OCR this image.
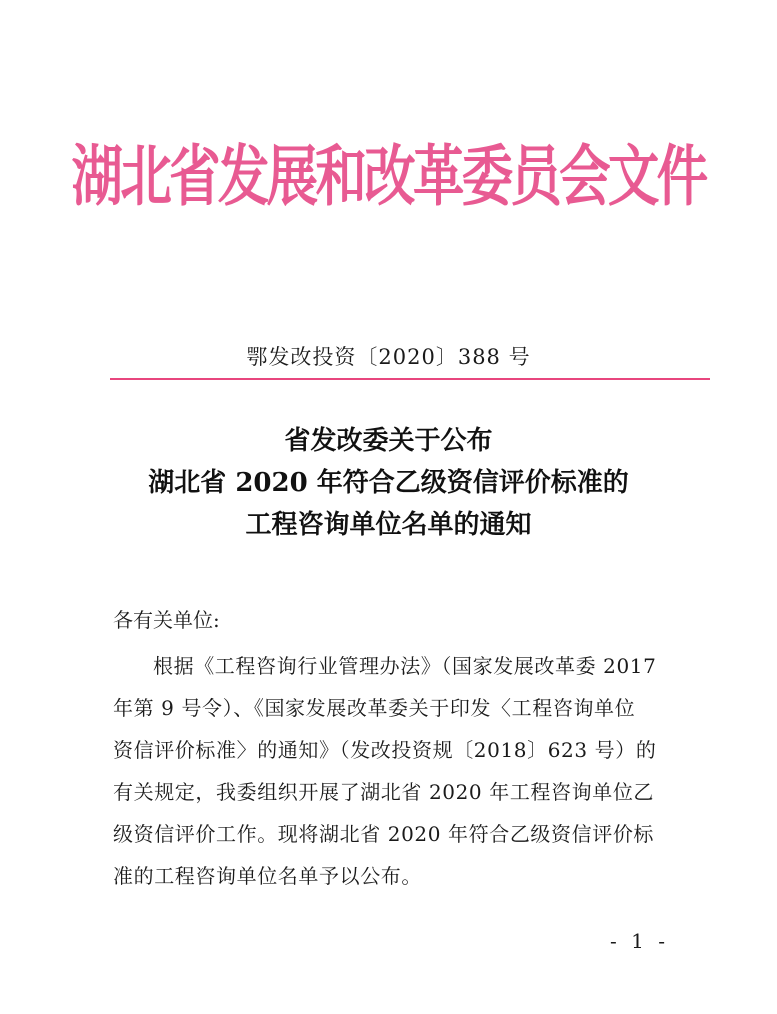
湖北省发展和改革委员会文件
鄂发改投资〔2020〕388 号
省发改委关于公布
湖北省 2020 年符合乙级资信评价标准的
工程咨询单位名单的通知
各有关单位:
根据《工程咨询行业管理办法》（国家发展改革委 2017
年第 9 号令）、《国家发展改革委关于印发〈工程咨询单位
资信评价标准〉的通知》（发改投资规〔2018〕623 号）的
有关规定，我委组织开展了湖北省 2020 年工程咨询单位乙
级资信评价工作。现将湖北省 2020 年符合乙级资信评价标
准的工程咨询单位名单予以公布。
- 1 -
